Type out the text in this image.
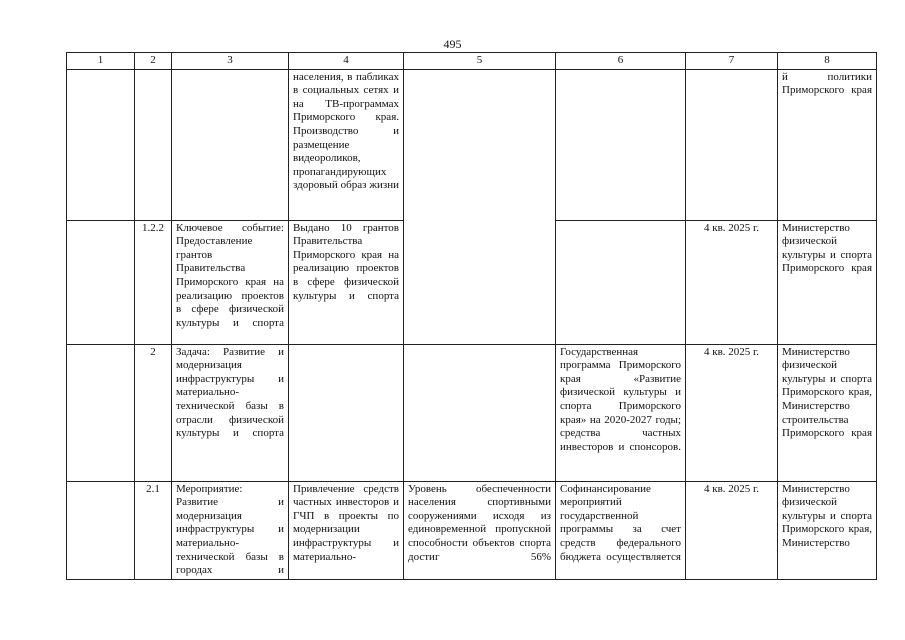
495
1	2	3	4	5	6	7	8
			населения, в пабликах в социальных сетях и на ТВ-программах Приморского края. Производство и размещение видеороликов, пропагандирующих здоровый образ жизни				й политики Приморского края
	1.2.2	Ключевое событие: Предоставление грантов Правительства Приморского края на реализацию проектов в сфере физической культуры и спорта	Выдано 10 грантов Правительства Приморского края на реализацию проектов в сфере физической культуры и спорта			4 кв. 2025 г.	Министерство физической культуры и спорта Приморского края
	2	Задача: Развитие и модернизация инфраструктуры и материально-технической базы в отрасли физической культуры и спорта			Государственная программа Приморского края «Развитие физической культуры и спорта Приморского края» на 2020-2027 годы; средства частных инвесторов и спонсоров.	4 кв. 2025 г.	Министерство физической культуры и спорта Приморского края, Министерство строительства Приморского края
	2.1	Мероприятие: Развитие и модернизация инфраструктуры и материально-технической базы в городах и	Привлечение средств частных инвесторов и ГЧП в проекты по модернизации инфраструктуры и материально-	Уровень обеспеченности населения спортивными сооружениями исходя из единовременной пропускной способности объектов спорта достиг 56%	Софинансирование мероприятий государственной программы за счет средств федерального бюджета осуществляется	4 кв. 2025 г.	Министерство физической культуры и спорта Приморского края, Министерство
